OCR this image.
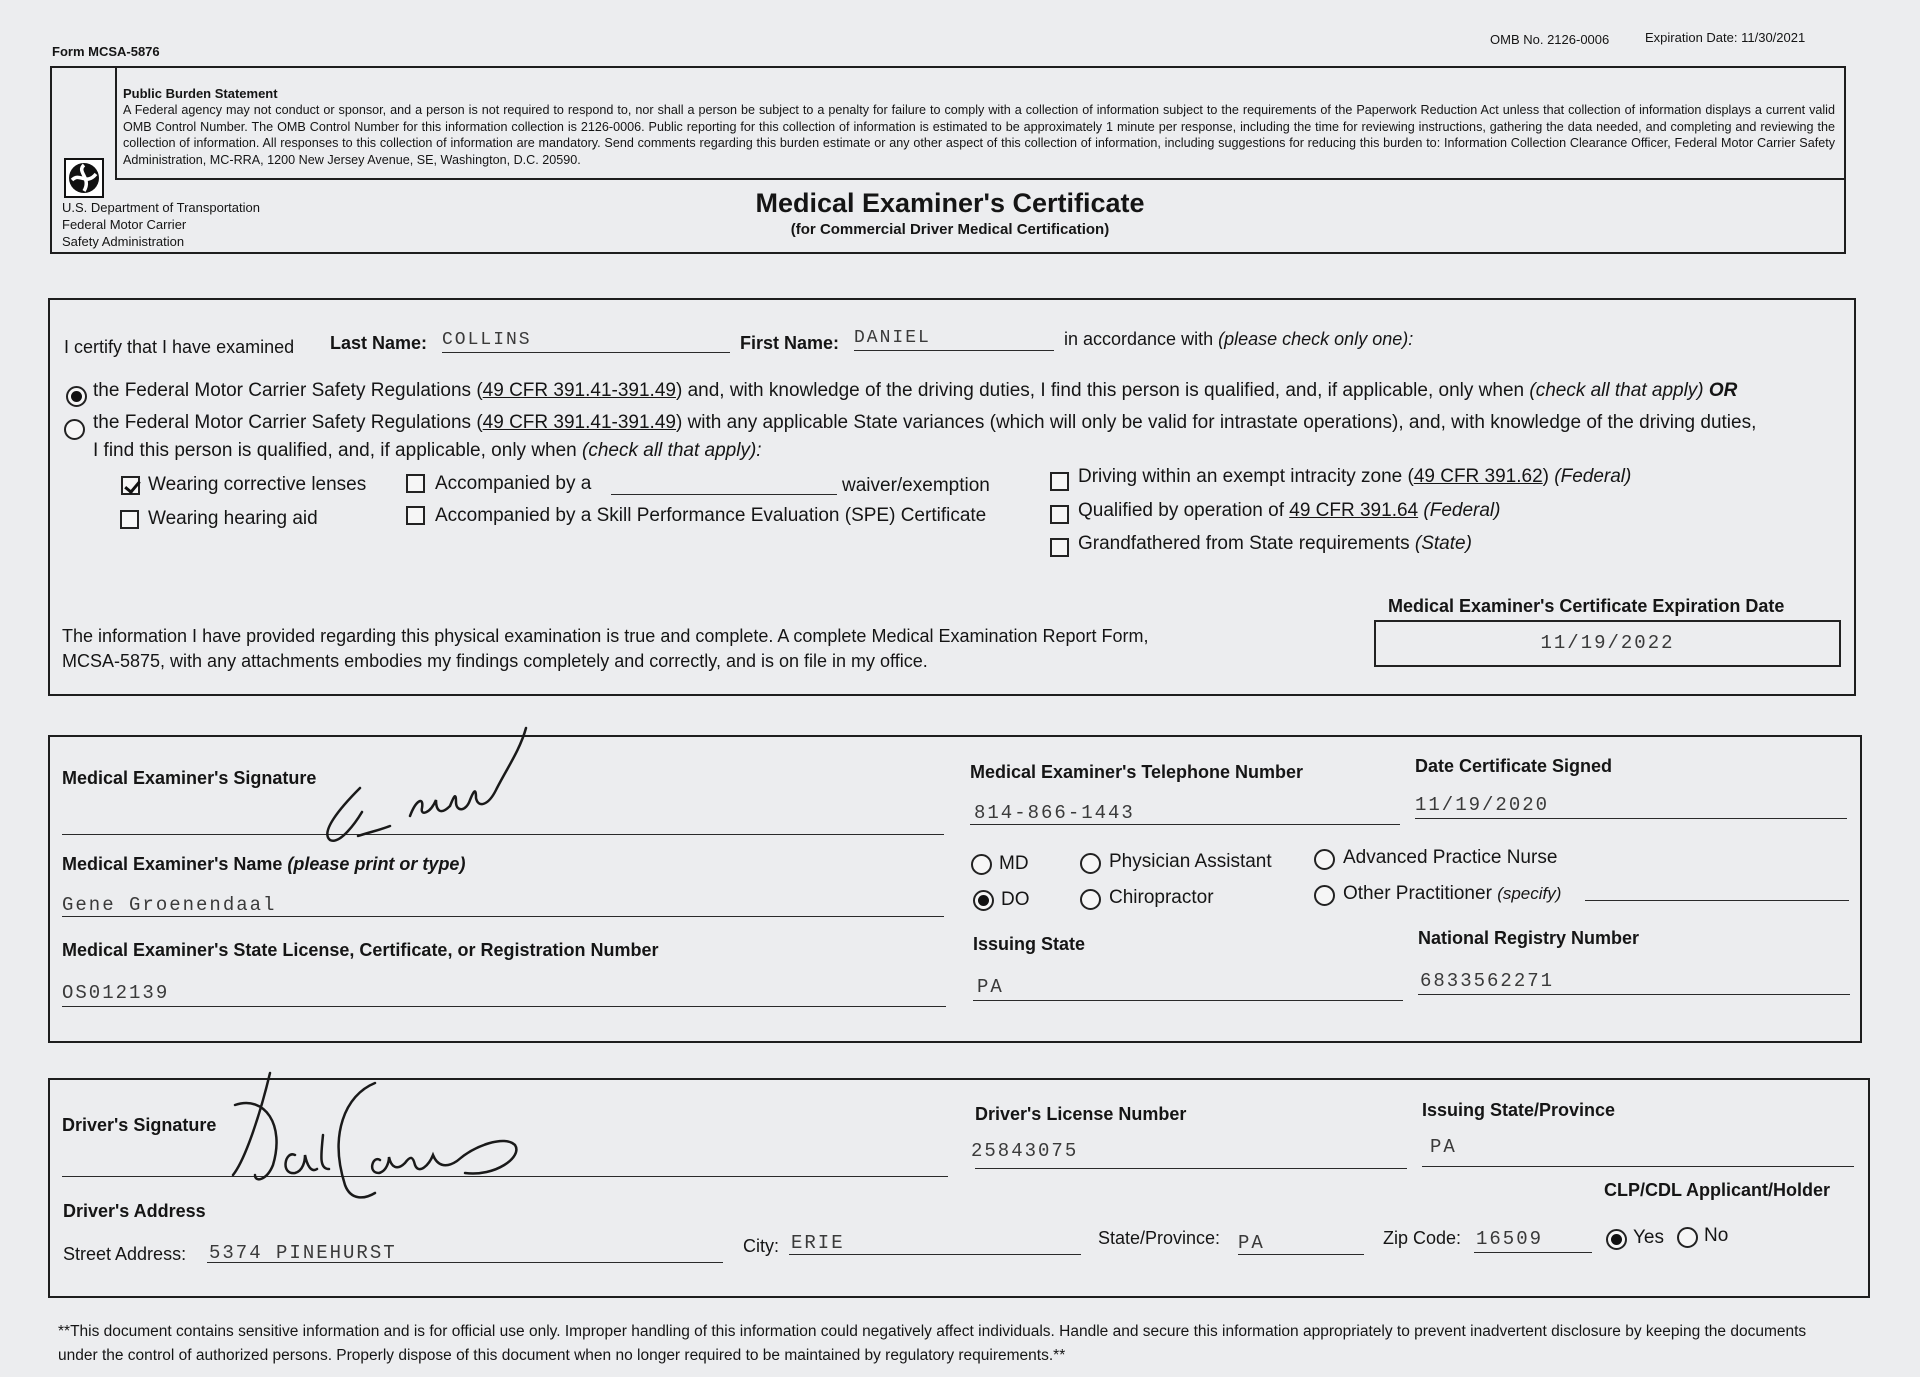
Form MCSA-5876
OMB No. 2126-0006	Expiration Date: 11/30/2021
Public Burden Statement
A Federal agency may not conduct or sponsor, and a person is not required to respond to, nor shall a person be subject to a penalty for failure to comply with a collection of information subject to the requirements of the Paperwork Reduction Act unless that collection of information displays a current valid OMB Control Number. The OMB Control Number for this information collection is 2126-0006. Public reporting for this collection of information is estimated to be approximately 1 minute per response, including the time for reviewing instructions, gathering the data needed, and completing and reviewing the collection of information. All responses to this collection of information are mandatory. Send comments regarding this burden estimate or any other aspect of this collection of information, including suggestions for reducing this burden to: Information Collection Clearance Officer, Federal Motor Carrier Safety Administration, MC-RRA, 1200 New Jersey Avenue, SE, Washington, D.C. 20590.
U.S. Department of Transportation
Federal Motor Carrier
Safety Administration
Medical Examiner's Certificate
(for Commercial Driver Medical Certification)
I certify that I have examined Last Name: COLLINS	First Name: DANIEL	in accordance with (please check only one):
the Federal Motor Carrier Safety Regulations (49 CFR 391.41-391.49) and, with knowledge of the driving duties, I find this person is qualified, and, if applicable, only when (check all that apply) OR
the Federal Motor Carrier Safety Regulations (49 CFR 391.41-391.49) with any applicable State variances (which will only be valid for intrastate operations), and, with knowledge of the driving duties,
I find this person is qualified, and, if applicable, only when (check all that apply):
Wearing corrective lenses
Wearing hearing aid
Accompanied by a	waiver/exemption
Accompanied by a Skill Performance Evaluation (SPE) Certificate
Driving within an exempt intracity zone (49 CFR 391.62) (Federal)
Qualified by operation of 49 CFR 391.64 (Federal)
Grandfathered from State requirements (State)
The information I have provided regarding this physical examination is true and complete. A complete Medical Examination Report Form,
MCSA-5875, with any attachments embodies my findings completely and correctly, and is on file in my office.
Medical Examiner's Certificate Expiration Date
11/19/2022
Medical Examiner's Signature	Medical Examiner's Telephone Number
814-866-1443
Date Certificate Signed
11/19/2020
Medical Examiner's Name (please print or type)
Gene Groenendaal
MD
DO
Physician Assistant
Chiropractor
Advanced Practice Nurse
Other Practitioner (specify)
Medical Examiner's State License, Certificate, or Registration Number
OS012139
Issuing State
PA
National Registry Number
6833562271
Driver's Signature
Driver's License Number
25843075
Issuing State/Province
PA
CLP/CDL Applicant/Holder
Driver's Address
Street Address: 5374 PINEHURST	City: ERIE	State/Province: PA	Zip Code: 16509	Yes No
**This document contains sensitive information and is for official use only. Improper handling of this information could negatively affect individuals. Handle and secure this information appropriately to prevent inadvertent disclosure by keeping the documents under the control of authorized persons. Properly dispose of this document when no longer required to be maintained by regulatory requirements.**
